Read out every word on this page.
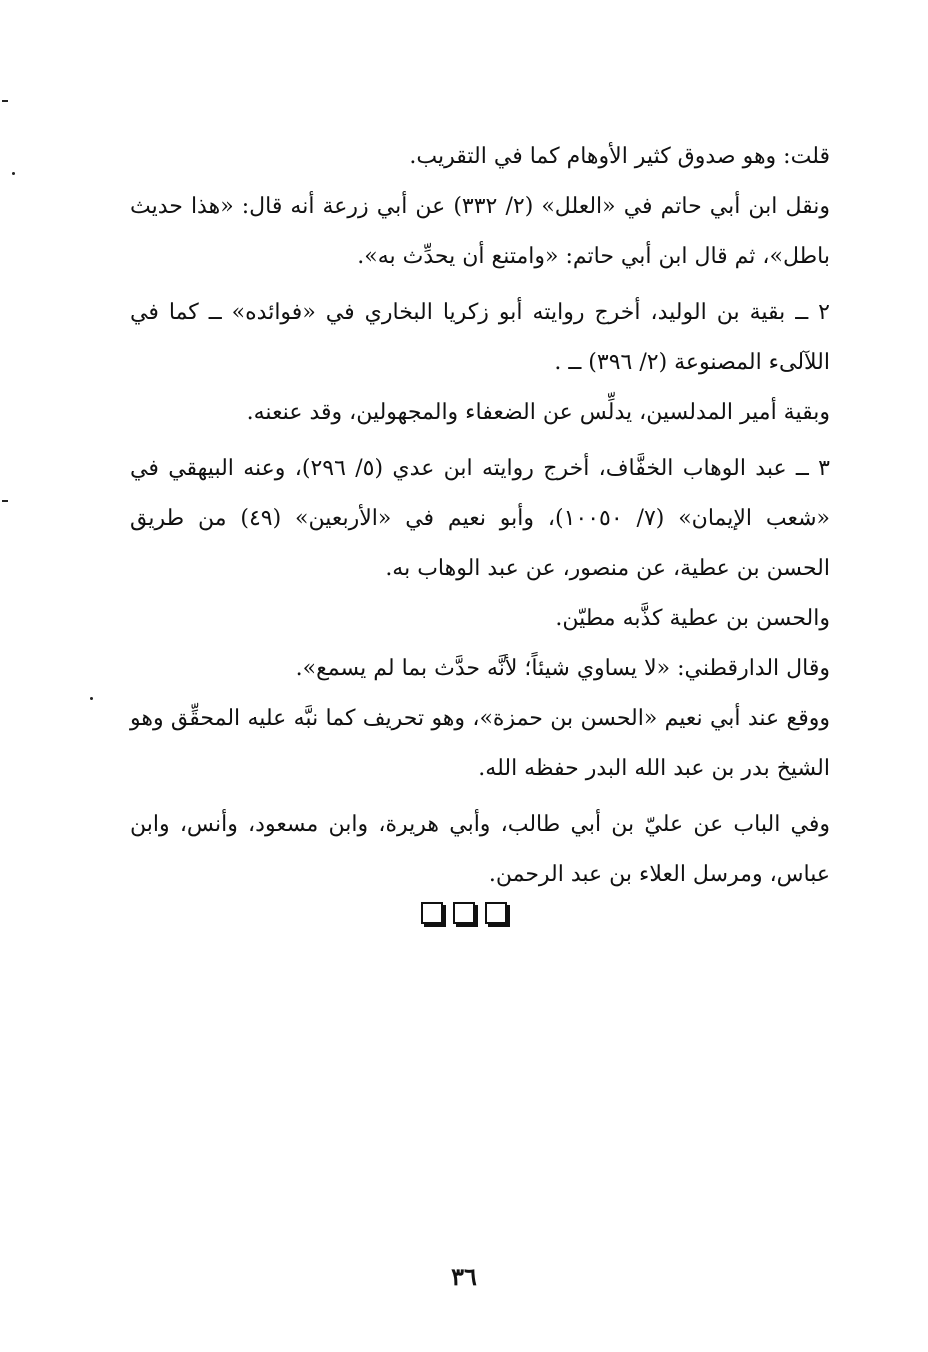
قلت: وهو صدوق كثير الأوهام كما في التقريب.

ونقل ابن أبي حاتم في «العلل» (٢/ ٣٣٢) عن أبي زرعة أنه قال: «هذا حديث باطل»، ثم قال ابن أبي حاتم: «وامتنع أن يحدِّث به».

٢ ــ بقية بن الوليد، أخرج روايته أبو زكريا البخاري في «فوائده» ــ كما في اللآلىء المصنوعة (٢/ ٣٩٦) ــ .

وبقية أمير المدلسين، يدلِّس عن الضعفاء والمجهولين، وقد عنعنه.

٣ ــ عبد الوهاب الخفَّاف، أخرج روايته ابن عدي (٥/ ٢٩٦)، وعنه البيهقي في «شعب الإيمان» (٧/ ١٠٠٥٠)، وأبو نعيم في «الأربعين» (٤٩) من طريق الحسن بن عطية، عن منصور، عن عبد الوهاب به.

والحسن بن عطية كذَّبه مطيّن.

وقال الدارقطني: «لا يساوي شيئاً؛ لأنَّه حدَّث بما لم يسمع».

ووقع عند أبي نعيم «الحسن بن حمزة»، وهو تحريف كما نبَّه عليه المحقِّق وهو الشيخ بدر بن عبد الله البدر حفظه الله.

وفي الباب عن عليّ بن أبي طالب، وأبي هريرة، وابن مسعود، وأنس، وابن عباس، ومرسل العلاء بن عبد الرحمن.

٣٦
